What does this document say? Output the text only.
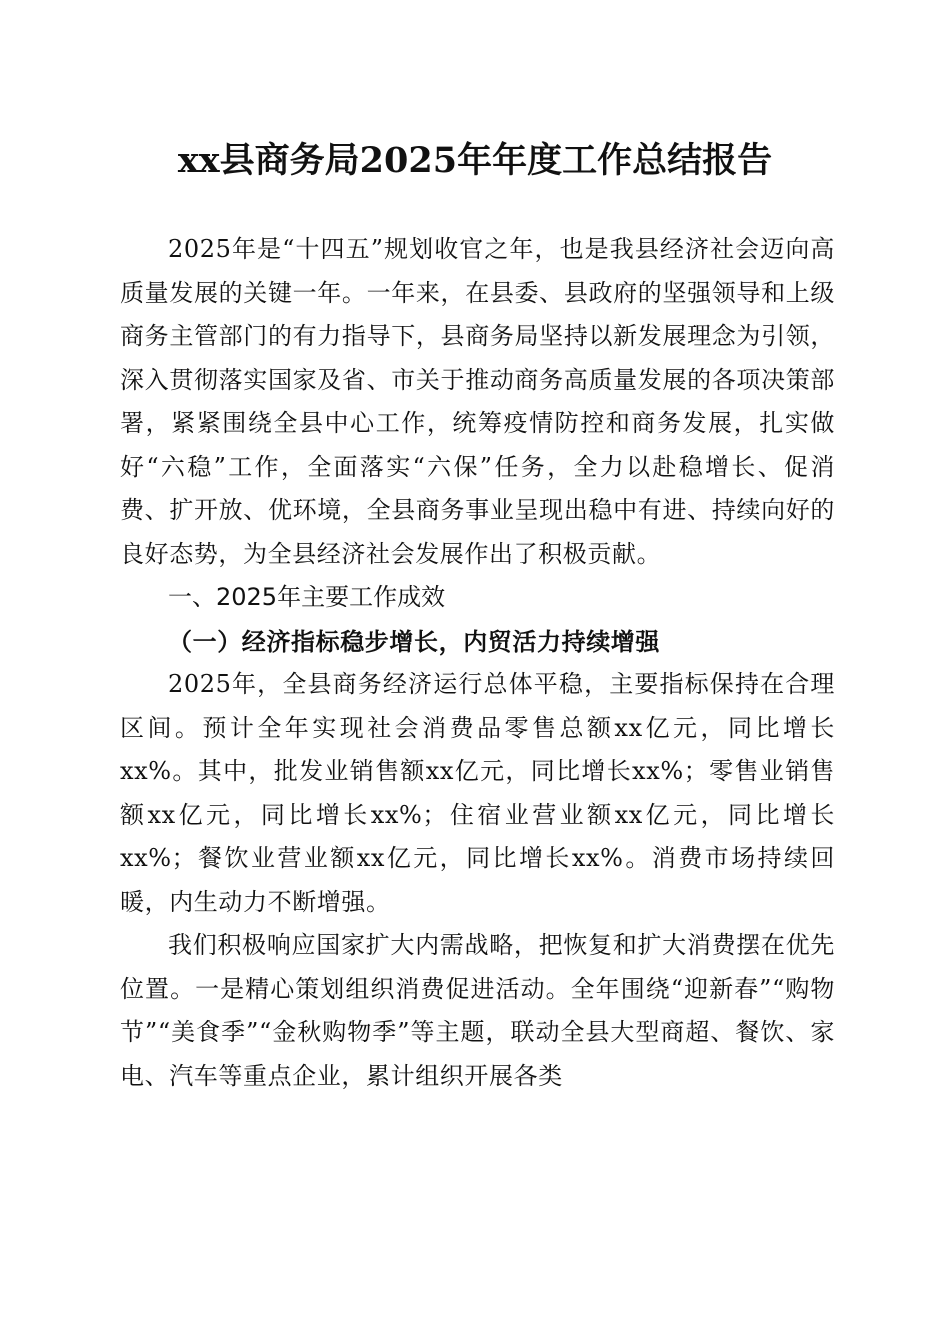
xx县商务局2025年年度工作总结报告

2025年是“十四五”规划收官之年，也是我县经济社会迈向高质量发展的关键一年。一年来，在县委、县政府的坚强领导和上级商务主管部门的有力指导下，县商务局坚持以新发展理念为引领，深入贯彻落实国家及省、市关于推动商务高质量发展的各项决策部署，紧紧围绕全县中心工作，统筹疫情防控和商务发展，扎实做好“六稳”工作，全面落实“六保”任务，全力以赴稳增长、促消费、扩开放、优环境，全县商务事业呈现出稳中有进、持续向好的良好态势，为全县经济社会发展作出了积极贡献。

一、2025年主要工作成效

（一）经济指标稳步增长，内贸活力持续增强

2025年，全县商务经济运行总体平稳，主要指标保持在合理区间。预计全年实现社会消费品零售总额xx亿元，同比增长xx%。其中，批发业销售额xx亿元，同比增长xx%；零售业销售额xx亿元，同比增长xx%；住宿业营业额xx亿元，同比增长xx%；餐饮业营业额xx亿元，同比增长xx%。消费市场持续回暖，内生动力不断增强。

我们积极响应国家扩大内需战略，把恢复和扩大消费摆在优先位置。一是精心策划组织消费促进活动。全年围绕“迎新春”“购物节”“美食季”“金秋购物季”等主题，联动全县大型商超、餐饮、家电、汽车等重点企业，累计组织开展各类
